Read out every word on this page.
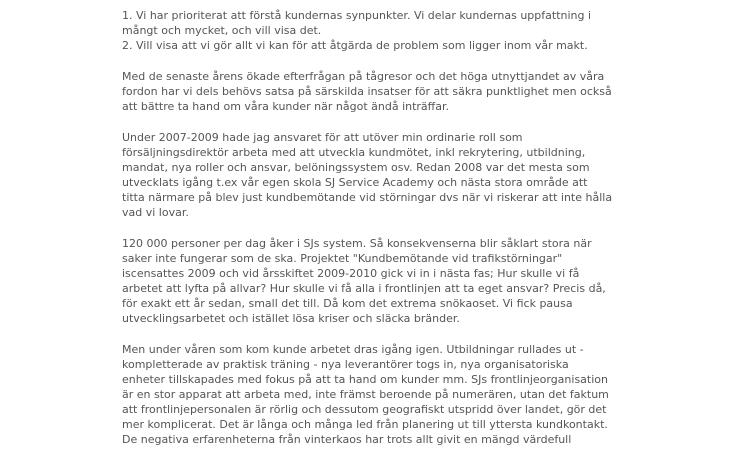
1. Vi har prioriterat att förstå kundernas synpunkter. Vi delar kundernas uppfattning i
mångt och mycket, och vill visa det.
2. Vill visa att vi gör allt vi kan för att åtgärda de problem som ligger inom vår makt.

Med de senaste årens ökade efterfrågan på tågresor och det höga utnyttjandet av våra
fordon har vi dels behövs satsa på särskilda insatser för att säkra punktlighet men också
att bättre ta hand om våra kunder när något ändå inträffar.

Under 2007-2009 hade jag ansvaret för att utöver min ordinarie roll som
försäljningsdirektör arbeta med att utveckla kundmötet, inkl rekrytering, utbildning,
mandat, nya roller och ansvar, belöningssystem osv. Redan 2008 var det mesta som
utvecklats igång t.ex vår egen skola SJ Service Academy och nästa stora område att
titta närmare på blev just kundbemötande vid störningar dvs när vi riskerar att inte hålla
vad vi lovar.

120 000 personer per dag åker i SJs system. Så konsekvenserna blir såklart stora när
saker inte fungerar som de ska. Projektet "Kundbemötande vid trafikstörningar"
iscensattes 2009 och vid årsskiftet 2009-2010 gick vi in i nästa fas; Hur skulle vi få
arbetet att lyfta på allvar? Hur skulle vi få alla i frontlinjen att ta eget ansvar? Precis då,
för exakt ett år sedan, small det till. Då kom det extrema snökaoset. Vi fick pausa
utvecklingsarbetet och istället lösa kriser och släcka bränder.

Men under våren som kom kunde arbetet dras igång igen. Utbildningar rullades ut -
kompletterade av praktisk träning - nya leverantörer togs in, nya organisatoriska
enheter tillskapades med fokus på att ta hand om kunder mm. SJs frontlinjeorganisation
är en stor apparat att arbeta med, inte främst beroende på numerären, utan det faktum
att frontlinjepersonalen är rörlig och dessutom geografiskt utspridd över landet, gör det
mer komplicerat. Det är långa och många led från planering ut till yttersta kundkontakt.
De negativa erfarenheterna från vinterkaos har trots allt givit en mängd värdefull
